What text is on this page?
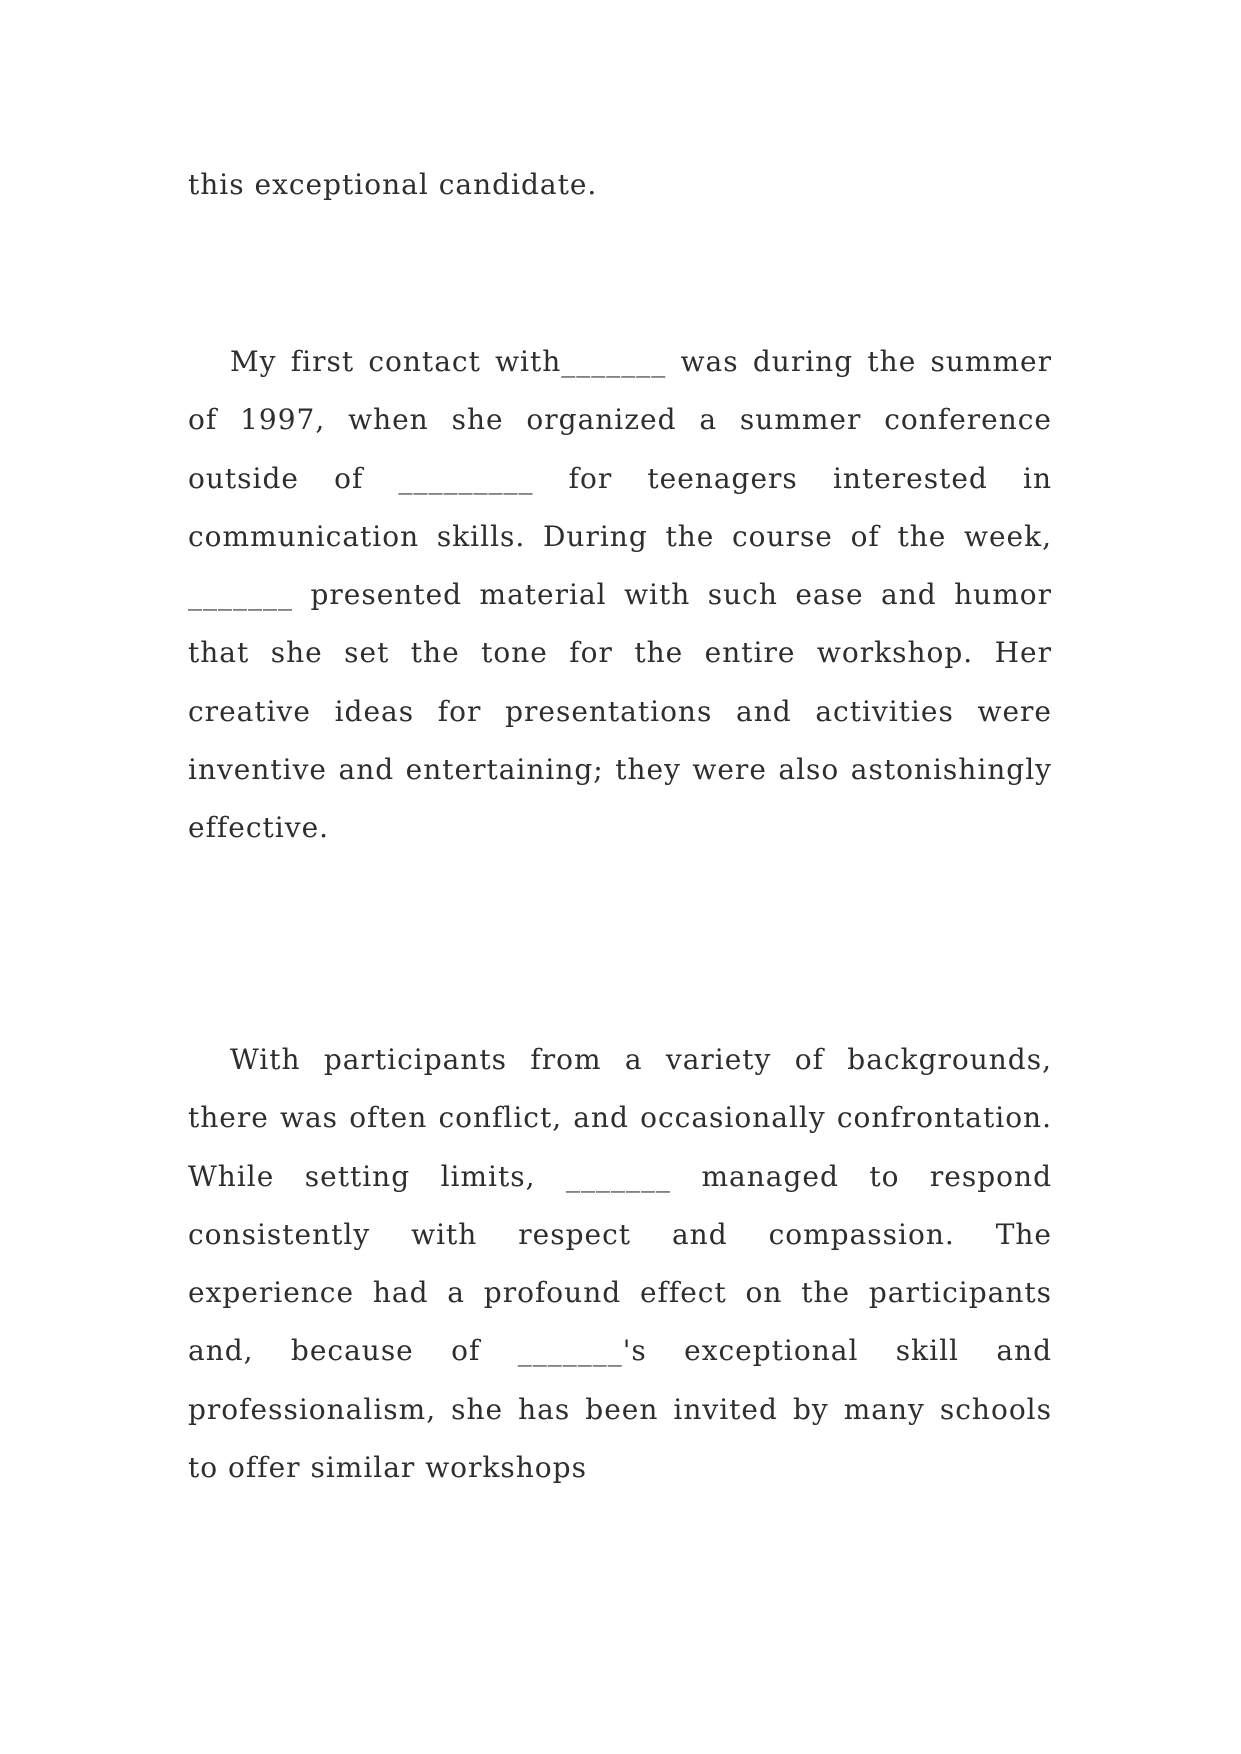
this exceptional candidate.

My first contact with_______ was during the summer of 1997, when she organized a summer conference outside of _________ for teenagers interested in communication skills. During the course of the week, _______ presented material with such ease and humor that she set the tone for the entire workshop. Her creative ideas for presentations and activities were inventive and entertaining; they were also astonishingly effective.

With participants from a variety of backgrounds, there was often conflict, and occasionally confrontation. While setting limits, _______ managed to respond consistently with respect and compassion. The experience had a profound effect on the participants and, because of _______'s exceptional skill and professionalism, she has been invited by many schools to offer similar workshops
